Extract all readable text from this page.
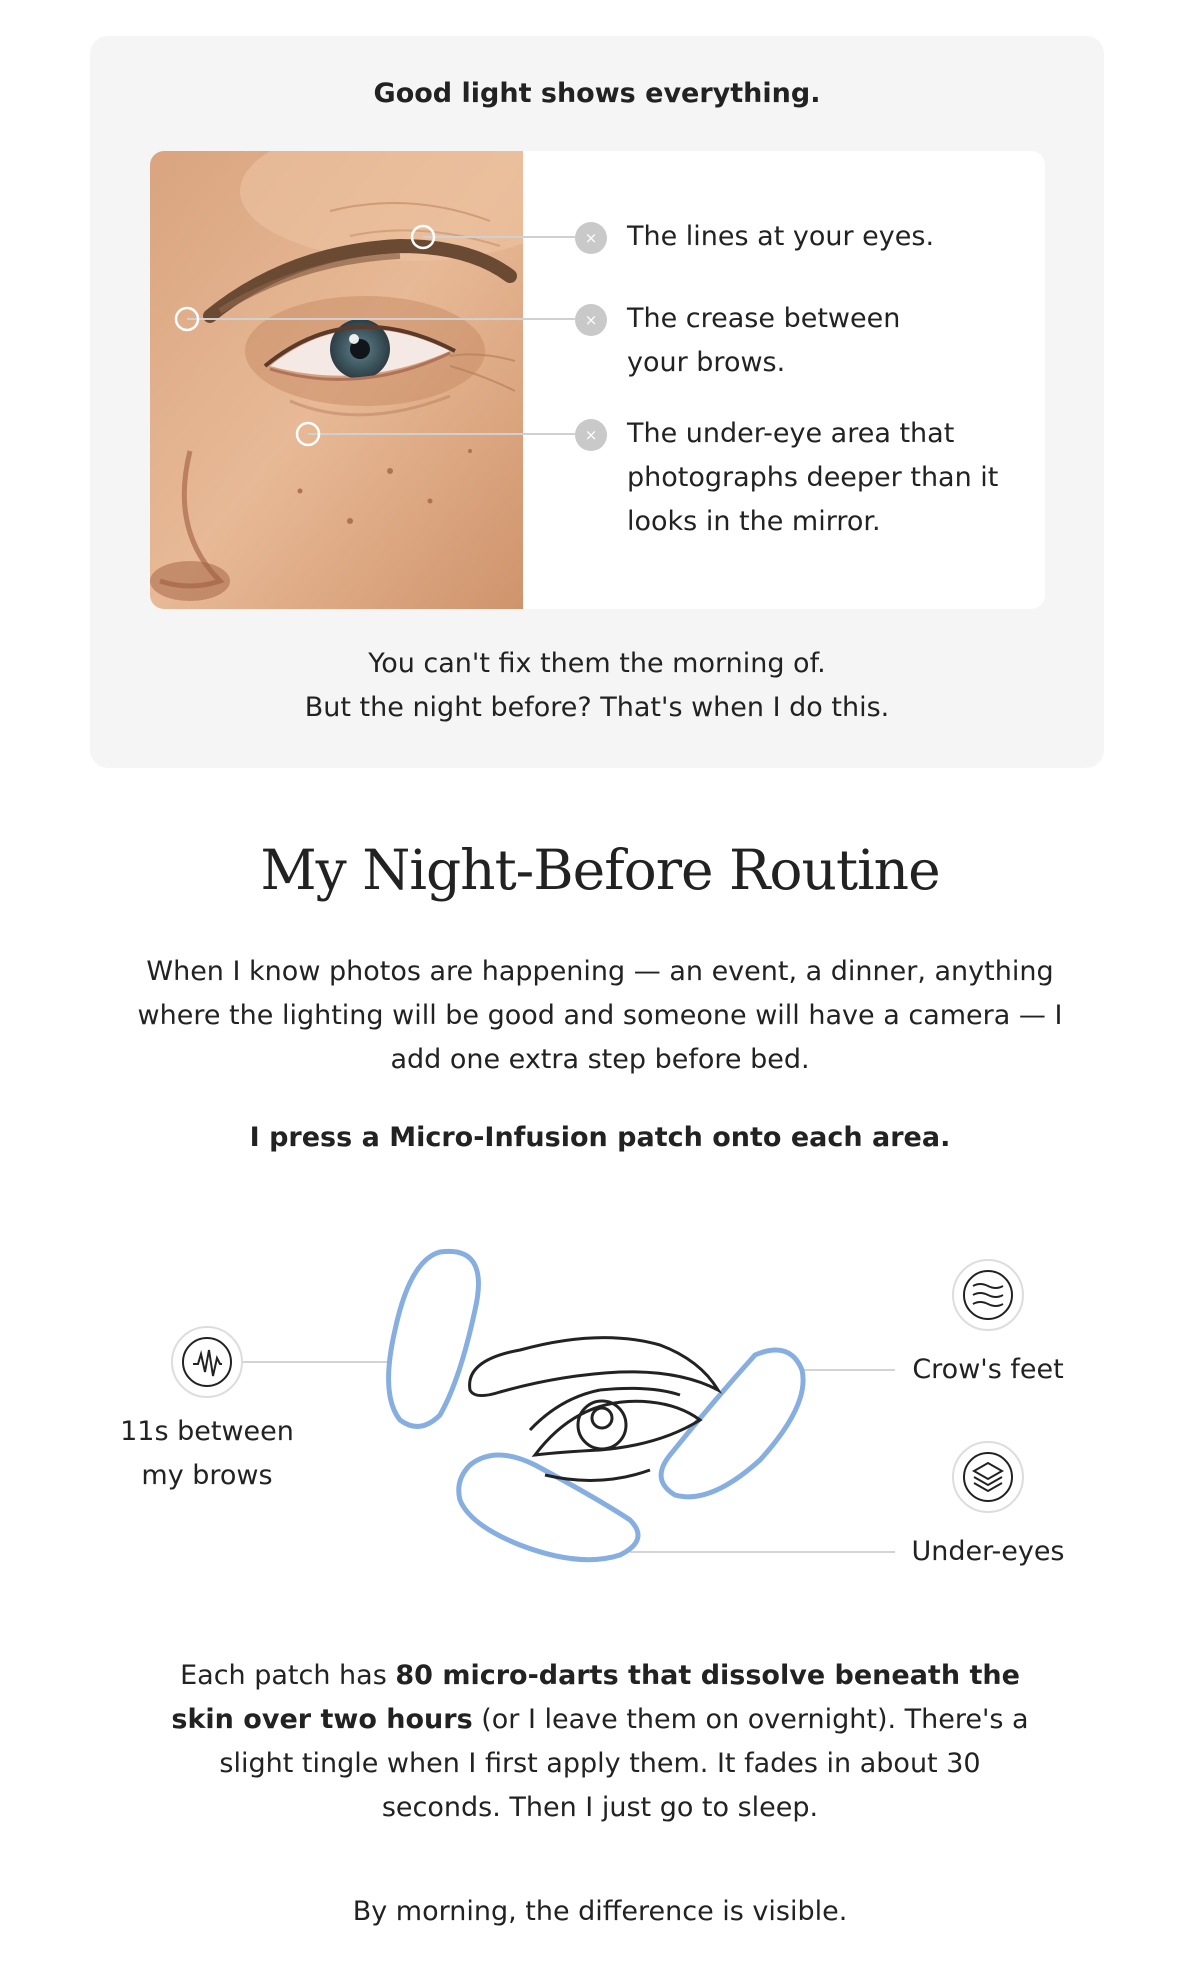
Good light shows everything.
×
×
×
The lines at your eyes.
The crease between your brows.
The under-eye area that photographs deeper than it looks in the mirror.
You can't fix them the morning of.
But the night before? That's when I do this.
My Night-Before Routine
When I know photos are happening — an event, a dinner, anything where the lighting will be good and someone will have a camera — I add one extra step before bed.
I press a Micro-Infusion patch onto each area.
11s between my brows
Crow's feet
Under-eyes
Each patch has 80 micro-darts that dissolve beneath the skin over two hours (or I leave them on overnight). There's a slight tingle when I first apply them. It fades in about 30 seconds. Then I just go to sleep.
By morning, the difference is visible.
